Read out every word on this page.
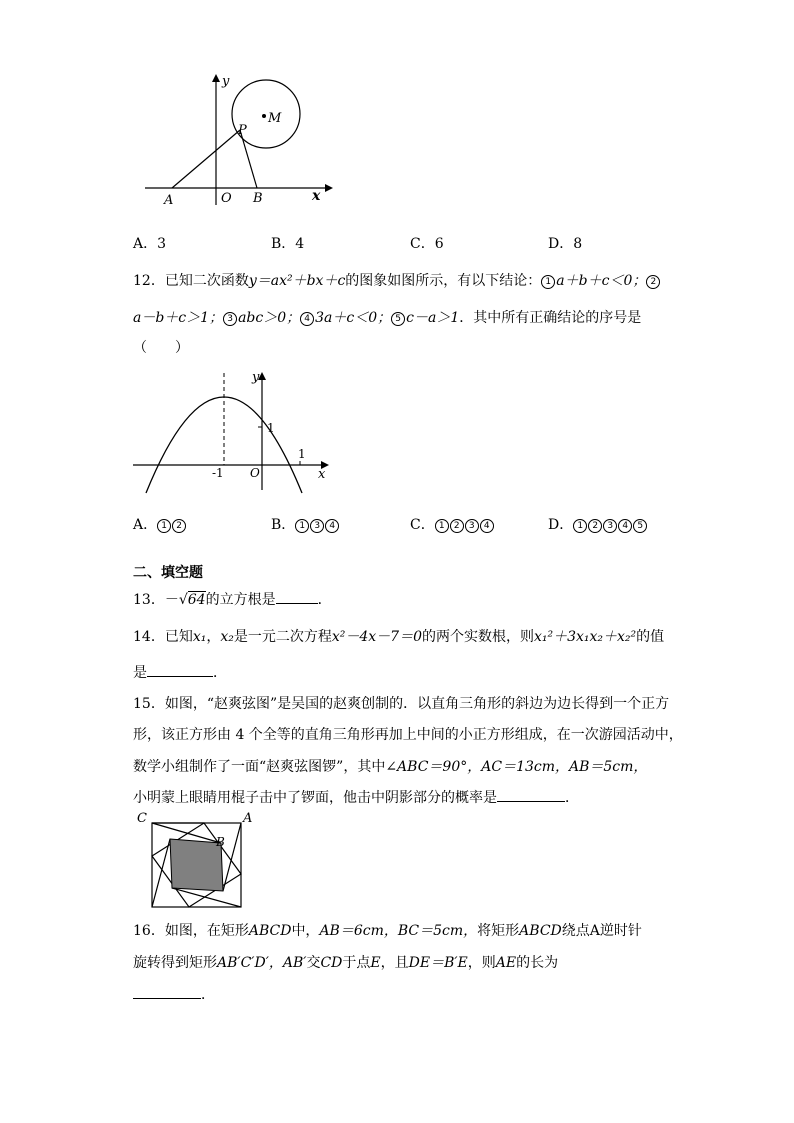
y
x
P
M
A	O B
A．3	B．4	C．6	D．8
12．已知二次函数y＝ax²＋bx＋c的图象如图所示，有以下结论： 1 a＋b＋c＜0； 2
a－b＋c＞1； 3 abc＞0； 4 3a＋c＜0； 5 c－a＞1．其中所有正确结论的序号是
（　　）
y
x
1
1
-1 O
A． 1 2	B． 1 3 4	C． 1 2 3 4	D． 1 2 3 4 5
二、填空题
13．－√64的立方根是	．
14．已知x₁，x₂是一元二次方程x²－4x－7＝0的两个实数根，则x₁²＋3x₁x₂＋x₂²的值
是	．
15．如图，“赵爽弦图”是吴国的赵爽创制的．以直角三角形的斜边为边长得到一个正方
形，该正方形由 4 个全等的直角三角形再加上中间的小正方形组成，在一次游园活动中，
数学小组制作了一面“赵爽弦图锣”，其中∠ABC＝90°，AC＝13cm，AB＝5cm，
小明蒙上眼睛用棍子击中了锣面，他击中阴影部分的概率是	．
C	A
B
16．如图，在矩形ABCD中，AB＝6cm，BC＝5cm，将矩形ABCD绕点A逆时针
旋转得到矩形AB′C′D′，AB′交CD于点E，且DE＝B′E，则AE的长为
．
